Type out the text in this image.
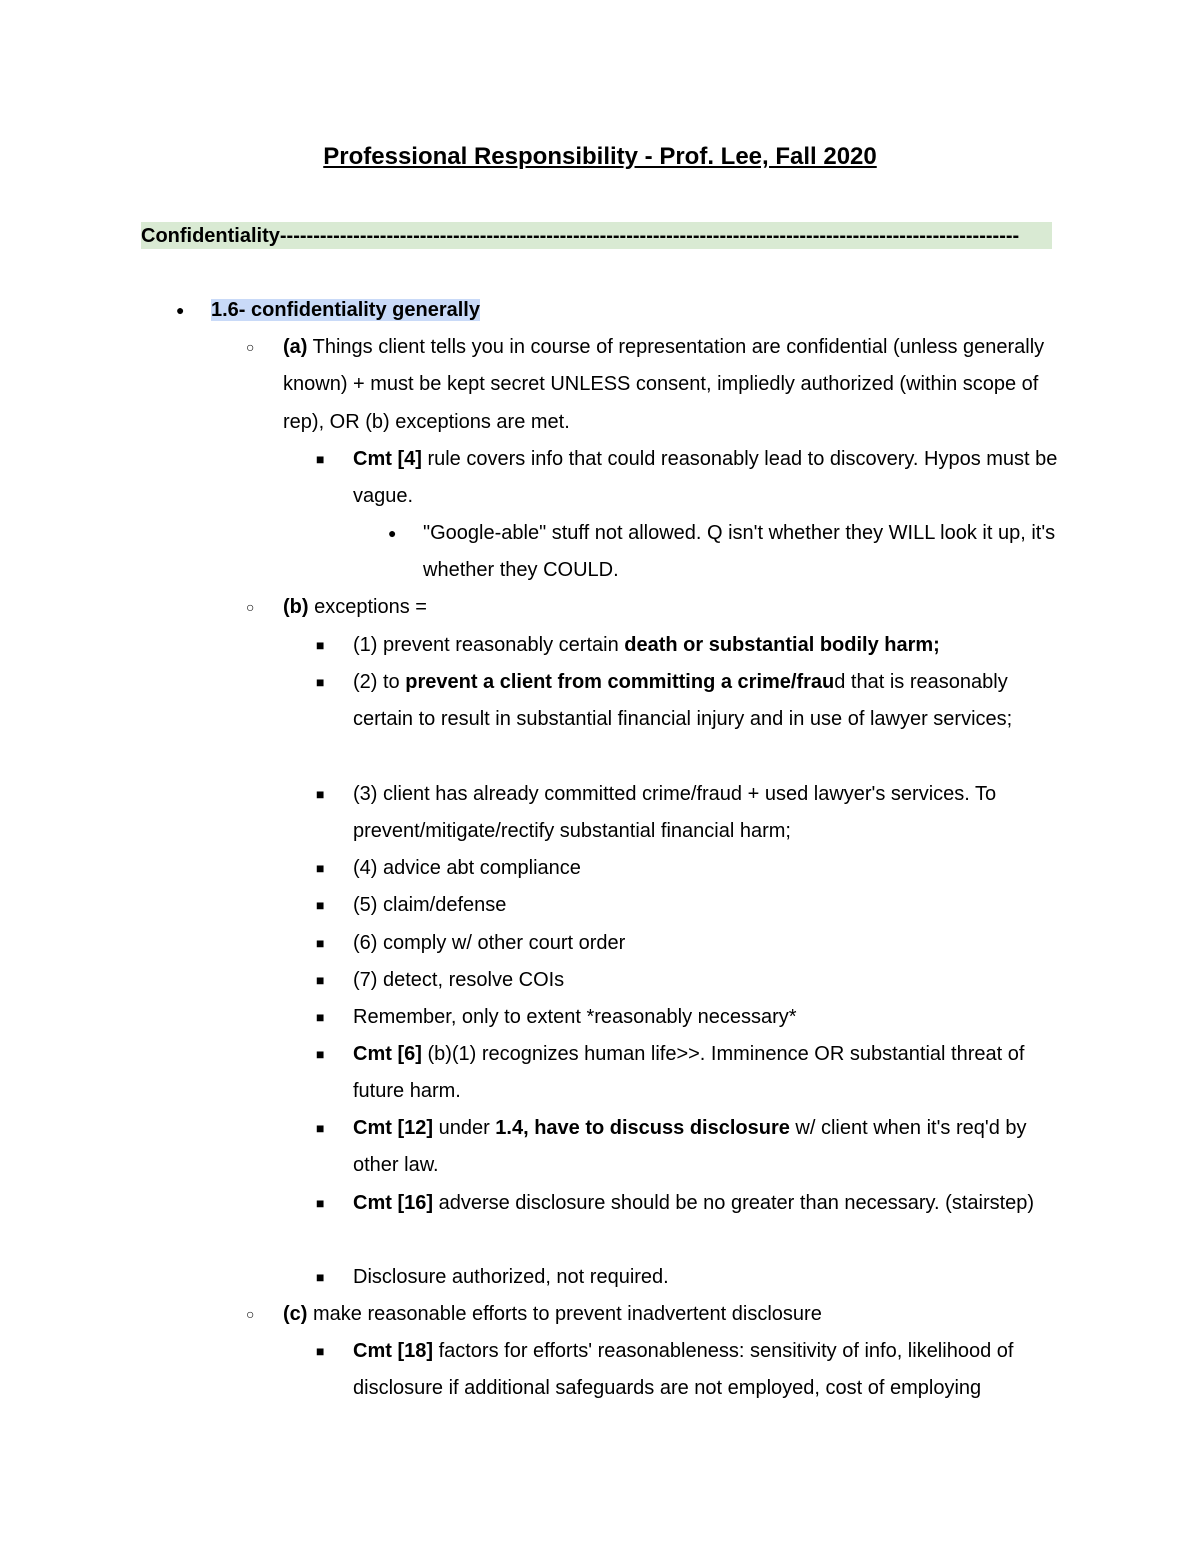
Professional Responsibility - Prof. Lee, Fall 2020
Confidentiality---------------------------------------------------------------------------------------------------------------
● 1.6- confidentiality generally
○ (a) Things client tells you in course of representation are confidential (unless generally known) + must be kept secret UNLESS consent, impliedly authorized (within scope of rep), OR (b) exceptions are met.
■ Cmt [4] rule covers info that could reasonably lead to discovery. Hypos must be vague.
● "Google-able" stuff not allowed. Q isn't whether they WILL look it up, it's whether they COULD.
○ (b) exceptions =
■ (1) prevent reasonably certain death or substantial bodily harm;
■ (2) to prevent a client from committing a crime/fraud that is reasonably certain to result in substantial financial injury and in use of lawyer services;
■ (3) client has already committed crime/fraud + used lawyer's services. To prevent/mitigate/rectify substantial financial harm;
■ (4) advice abt compliance
■ (5) claim/defense
■ (6) comply w/ other court order
■ (7) detect, resolve COIs
■ Remember, only to extent *reasonably necessary*
■ Cmt [6] (b)(1) recognizes human life>>. Imminence OR substantial threat of future harm.
■ Cmt [12] under 1.4, have to discuss disclosure w/ client when it's req'd by other law.
■ Cmt [16] adverse disclosure should be no greater than necessary. (stairstep)
■ Disclosure authorized, not required.
○ (c) make reasonable efforts to prevent inadvertent disclosure
■ Cmt [18] factors for efforts' reasonableness: sensitivity of info, likelihood of disclosure if additional safeguards are not employed, cost of employing
